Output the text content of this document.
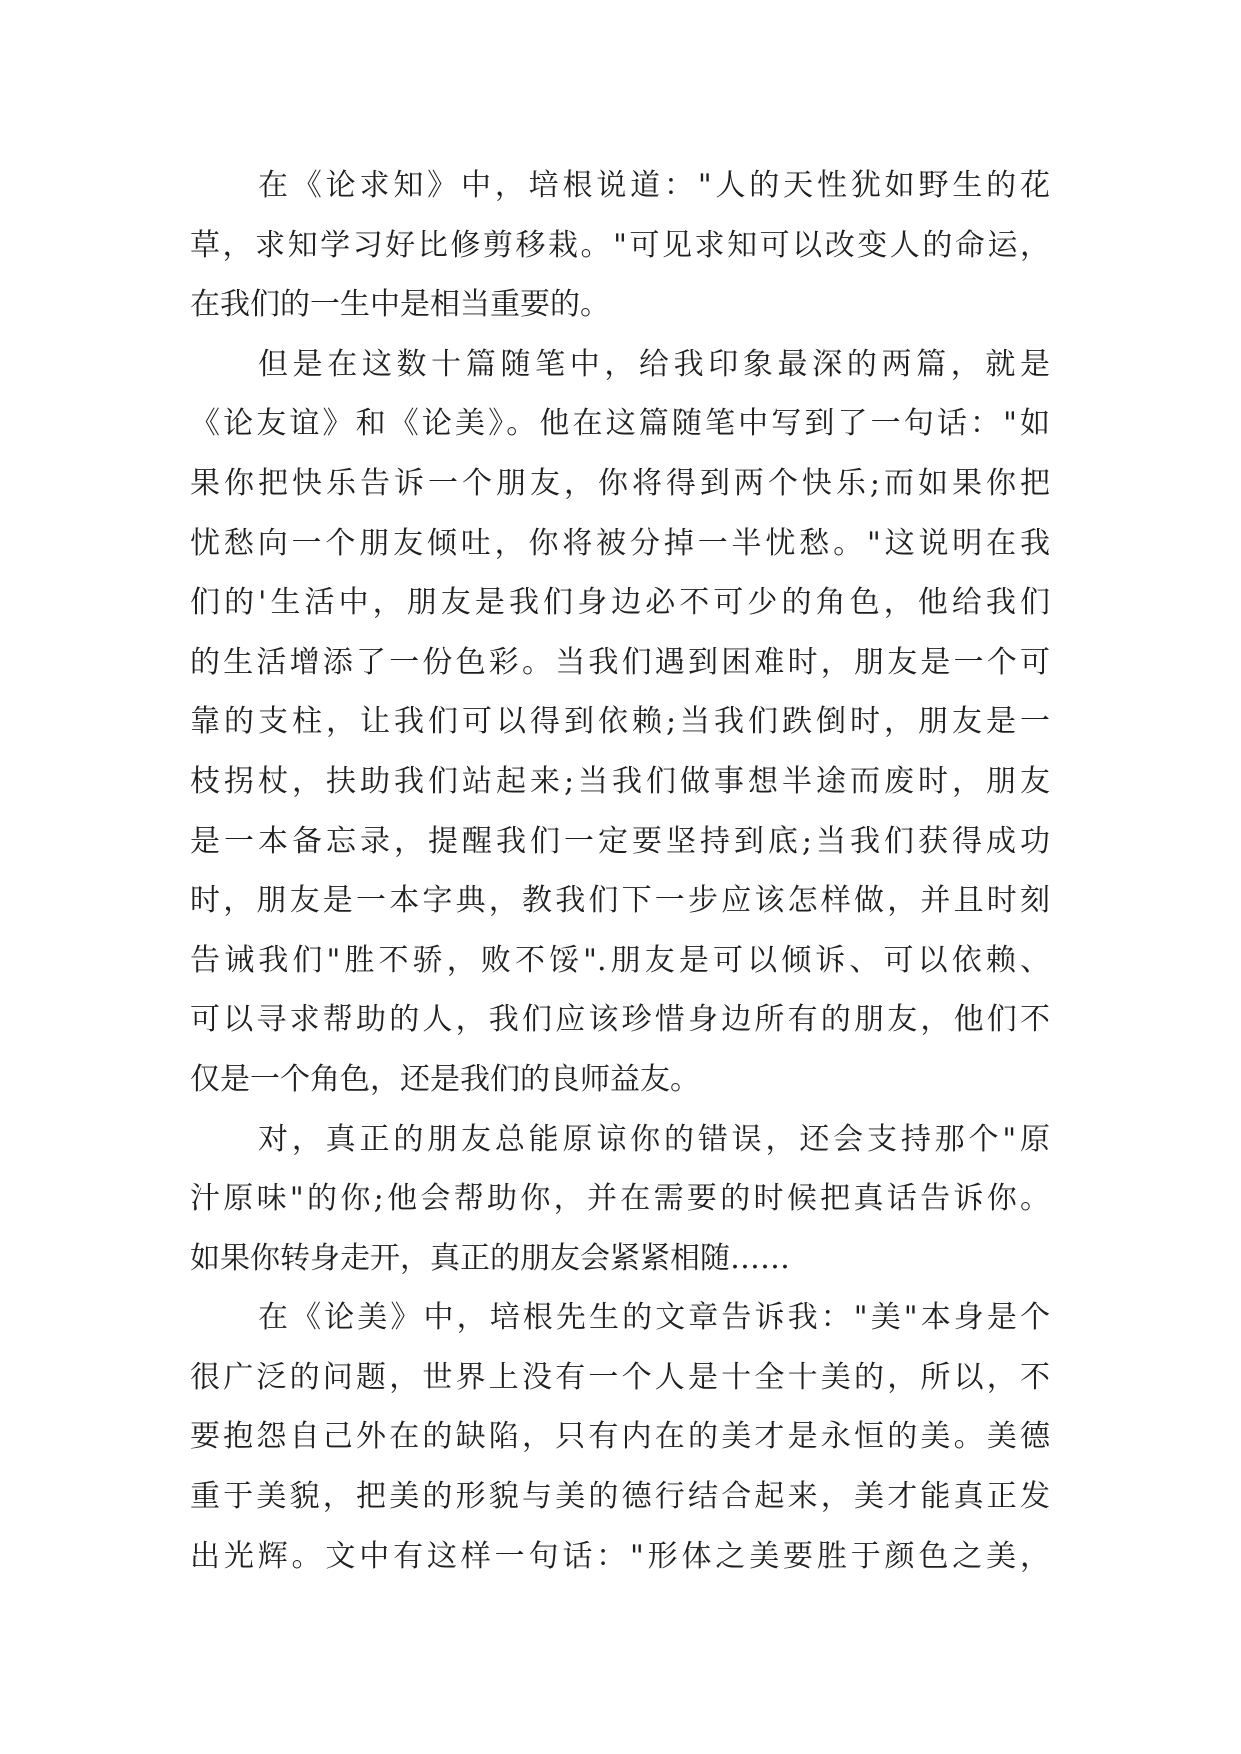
在《论求知》中，培根说道："人的天性犹如野生的花
草，求知学习好比修剪移栽。"可见求知可以改变人的命运，
在我们的一生中是相当重要的。
但是在这数十篇随笔中，给我印象最深的两篇，就是
《论友谊》和《论美》。他在这篇随笔中写到了一句话："如
果你把快乐告诉一个朋友，你将得到两个快乐;而如果你把
忧愁向一个朋友倾吐，你将被分掉一半忧愁。"这说明在我
们的'生活中，朋友是我们身边必不可少的角色，他给我们
的生活增添了一份色彩。当我们遇到困难时，朋友是一个可
靠的支柱，让我们可以得到依赖;当我们跌倒时，朋友是一
枝拐杖，扶助我们站起来;当我们做事想半途而废时，朋友
是一本备忘录，提醒我们一定要坚持到底;当我们获得成功
时，朋友是一本字典，教我们下一步应该怎样做，并且时刻
告诫我们"胜不骄，败不馁".朋友是可以倾诉、可以依赖、
可以寻求帮助的人，我们应该珍惜身边所有的朋友，他们不
仅是一个角色，还是我们的良师益友。
对，真正的朋友总能原谅你的错误，还会支持那个"原
汁原味"的你;他会帮助你，并在需要的时候把真话告诉你。
如果你转身走开，真正的朋友会紧紧相随……
在《论美》中，培根先生的文章告诉我："美"本身是个
很广泛的问题，世界上没有一个人是十全十美的，所以，不
要抱怨自己外在的缺陷，只有内在的美才是永恒的美。美德
重于美貌，把美的形貌与美的德行结合起来，美才能真正发
出光辉。文中有这样一句话："形体之美要胜于颜色之美，
